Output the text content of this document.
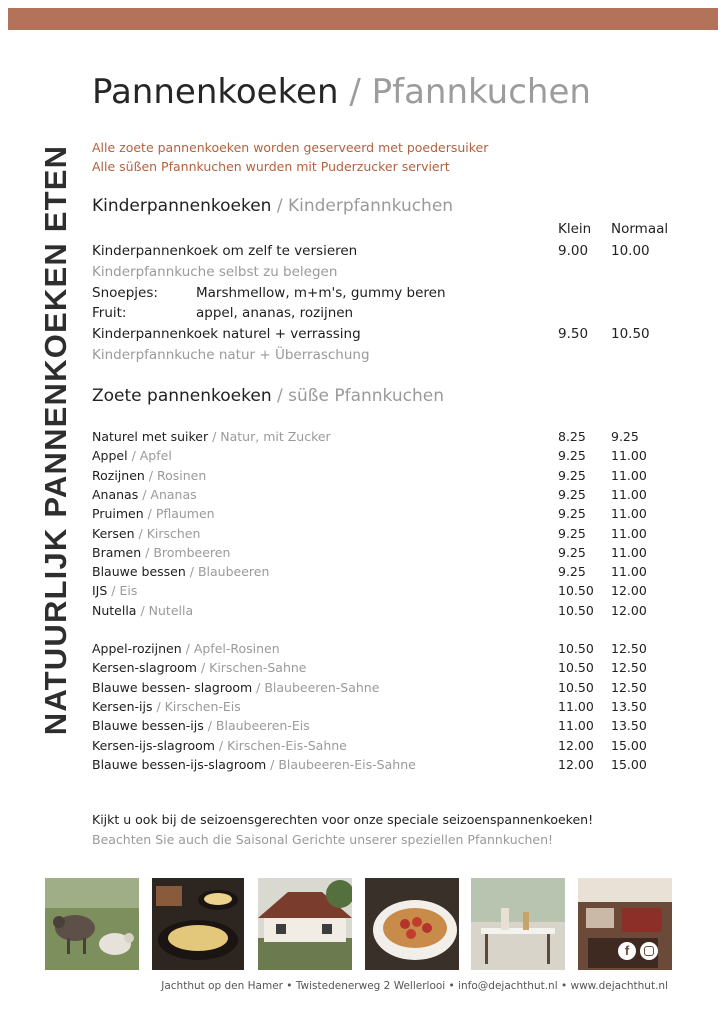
NATUURLIJK PANNENKOEKEN ETEN
Pannenkoeken / Pfannkuchen
Alle zoete pannenkoeken worden geserveerd met poedersuiker
Alle süßen Pfannkuchen wurden mit Puderzucker serviert
Kinderpannenkoeken / Kinderpfannkuchen
Klein Normaal
Kinderpannenkoek om zelf te versieren	9.00 10.00
Kinderpfannkuche selbst zu belegen
Snoepjes:	Marshmellow, m+m's, gummy beren
Fruit:	appel, ananas, rozijnen
Kinderpannenkoek naturel + verrassing	9.50 10.50
Kinderpfannkuche natur + Überraschung
Zoete pannenkoeken / süße Pfannkuchen
Naturel met suiker / Natur, mit Zucker	8.25 9.25
Appel / Apfel	9.25 11.00
Rozijnen / Rosinen	9.25 11.00
Ananas / Ananas	9.25 11.00
Pruimen / Pflaumen	9.25 11.00
Kersen / Kirschen	9.25 11.00
Bramen / Brombeeren	9.25 11.00
Blauwe bessen / Blaubeeren	9.25 11.00
IJS / Eis	10.50 12.00
Nutella / Nutella	10.50 12.00
Appel-rozijnen / Apfel-Rosinen	10.50 12.50
Kersen-slagroom / Kirschen-Sahne	10.50 12.50
Blauwe bessen- slagroom / Blaubeeren-Sahne	10.50 12.50
Kersen-ijs / Kirschen-Eis	11.00 13.50
Blauwe bessen-ijs / Blaubeeren-Eis	11.00 13.50
Kersen-ijs-slagroom / Kirschen-Eis-Sahne	12.00 15.00
Blauwe bessen-ijs-slagroom / Blaubeeren-Eis-Sahne	12.00 15.00
Kijkt u ook bij de seizoensgerechten voor onze speciale seizoenspannenkoeken!
Beachten Sie auch die Saisonal Gerichte unserer speziellen Pfannkuchen!
f
Jachthut op den Hamer • Twistedenerweg 2 Wellerlooi • info@dejachthut.nl • www.dejachthut.nl
